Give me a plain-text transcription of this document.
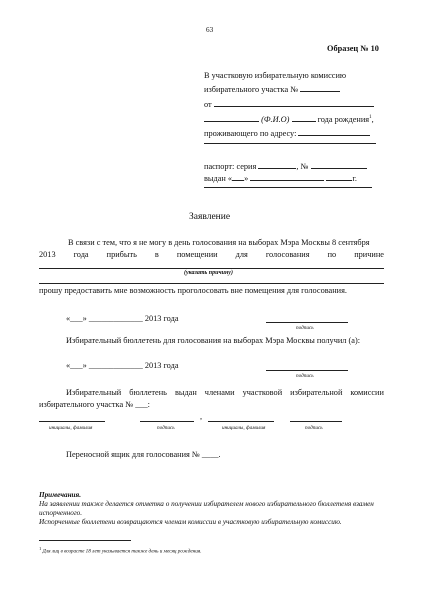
63
Образец № 10
В участковую избирательную комиссию
избирательного участка №
от
(Ф.И.О)	года рождения$^1$,
проживающего по адресу:
паспорт: серия	, №
выдан « »	г.
Заявление
В связи с тем, что я не могу в день голосования на выборах Мэра Москвы 8 сентября
2013 года прибыть в помещении для голосования по причине
(указать причину)
прошу предоставить мне возможность проголосовать вне помещения для голосования.
«___» _____________ 2013 года
подпись
Избирательный бюллетень для голосования на выборах Мэра Москвы получил (а):
«___» _____________ 2013 года
подпись
Избирательный бюллетень выдан членами участковой избирательной комиссии
избирательного участка № ___:
,
инициалы, фамилия	подпись	инициалы, фамилия	подпись
Переносной ящик для голосования № ____.
Примечания.
На заявлении также делается отметка о получении избирателем нового избирательного бюллетеня взамен
испорченного.
Испорченные бюллетени возвращаются членам комиссии в участковую избирательную комиссию.
$^1$ Для лиц в возрасте 18 лет указывается также день и месяц рождения.
